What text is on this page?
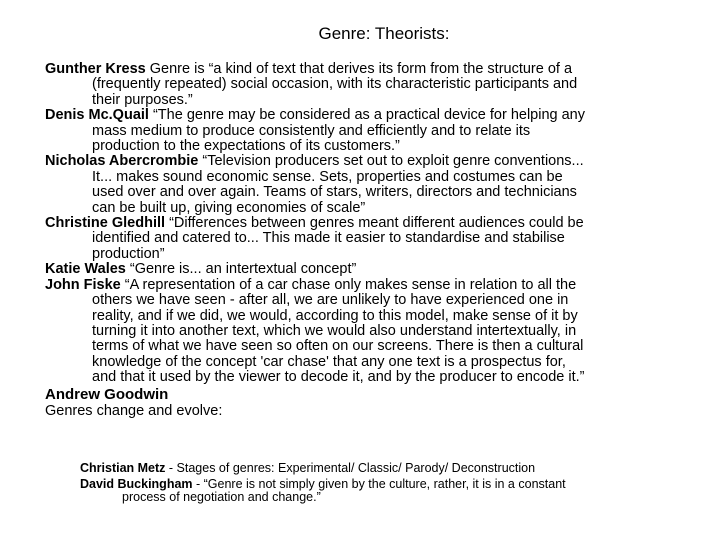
Genre: Theorists:
Gunther Kress Genre is “a kind of text that derives its form from the structure of a (frequently repeated) social occasion, with its characteristic participants and their purposes.”
Denis Mc.Quail “The genre may be considered as a practical device for helping any mass medium to produce consistently and efficiently and to relate its production to the expectations of its customers.”
Nicholas Abercrombie “Television producers set out to exploit genre conventions... It... makes sound economic sense. Sets, properties and costumes can be used over and over again. Teams of stars, writers, directors and technicians can be built up, giving economies of scale”
Christine Gledhill “Differences between genres meant different audiences could be identified and catered to... This made it easier to standardise and stabilise production”
Katie Wales “Genre is... an intertextual concept”
John Fiske “A representation of a car chase only makes sense in relation to all the others we have seen - after all, we are unlikely to have experienced one in reality, and if we did, we would, according to this model, make sense of it by turning it into another text, which we would also understand intertextually, in terms of what we have seen so often on our screens. There is then a cultural knowledge of the concept 'car chase' that any one text is a prospectus for, and that it used by the viewer to decode it, and by the producer to encode it.”
Andrew Goodwin
Genres change and evolve:
Christian Metz - Stages of genres: Experimental/ Classic/ Parody/ Deconstruction
David Buckingham - “Genre is not simply given by the culture, rather, it is in a constant process of negotiation and change.”
